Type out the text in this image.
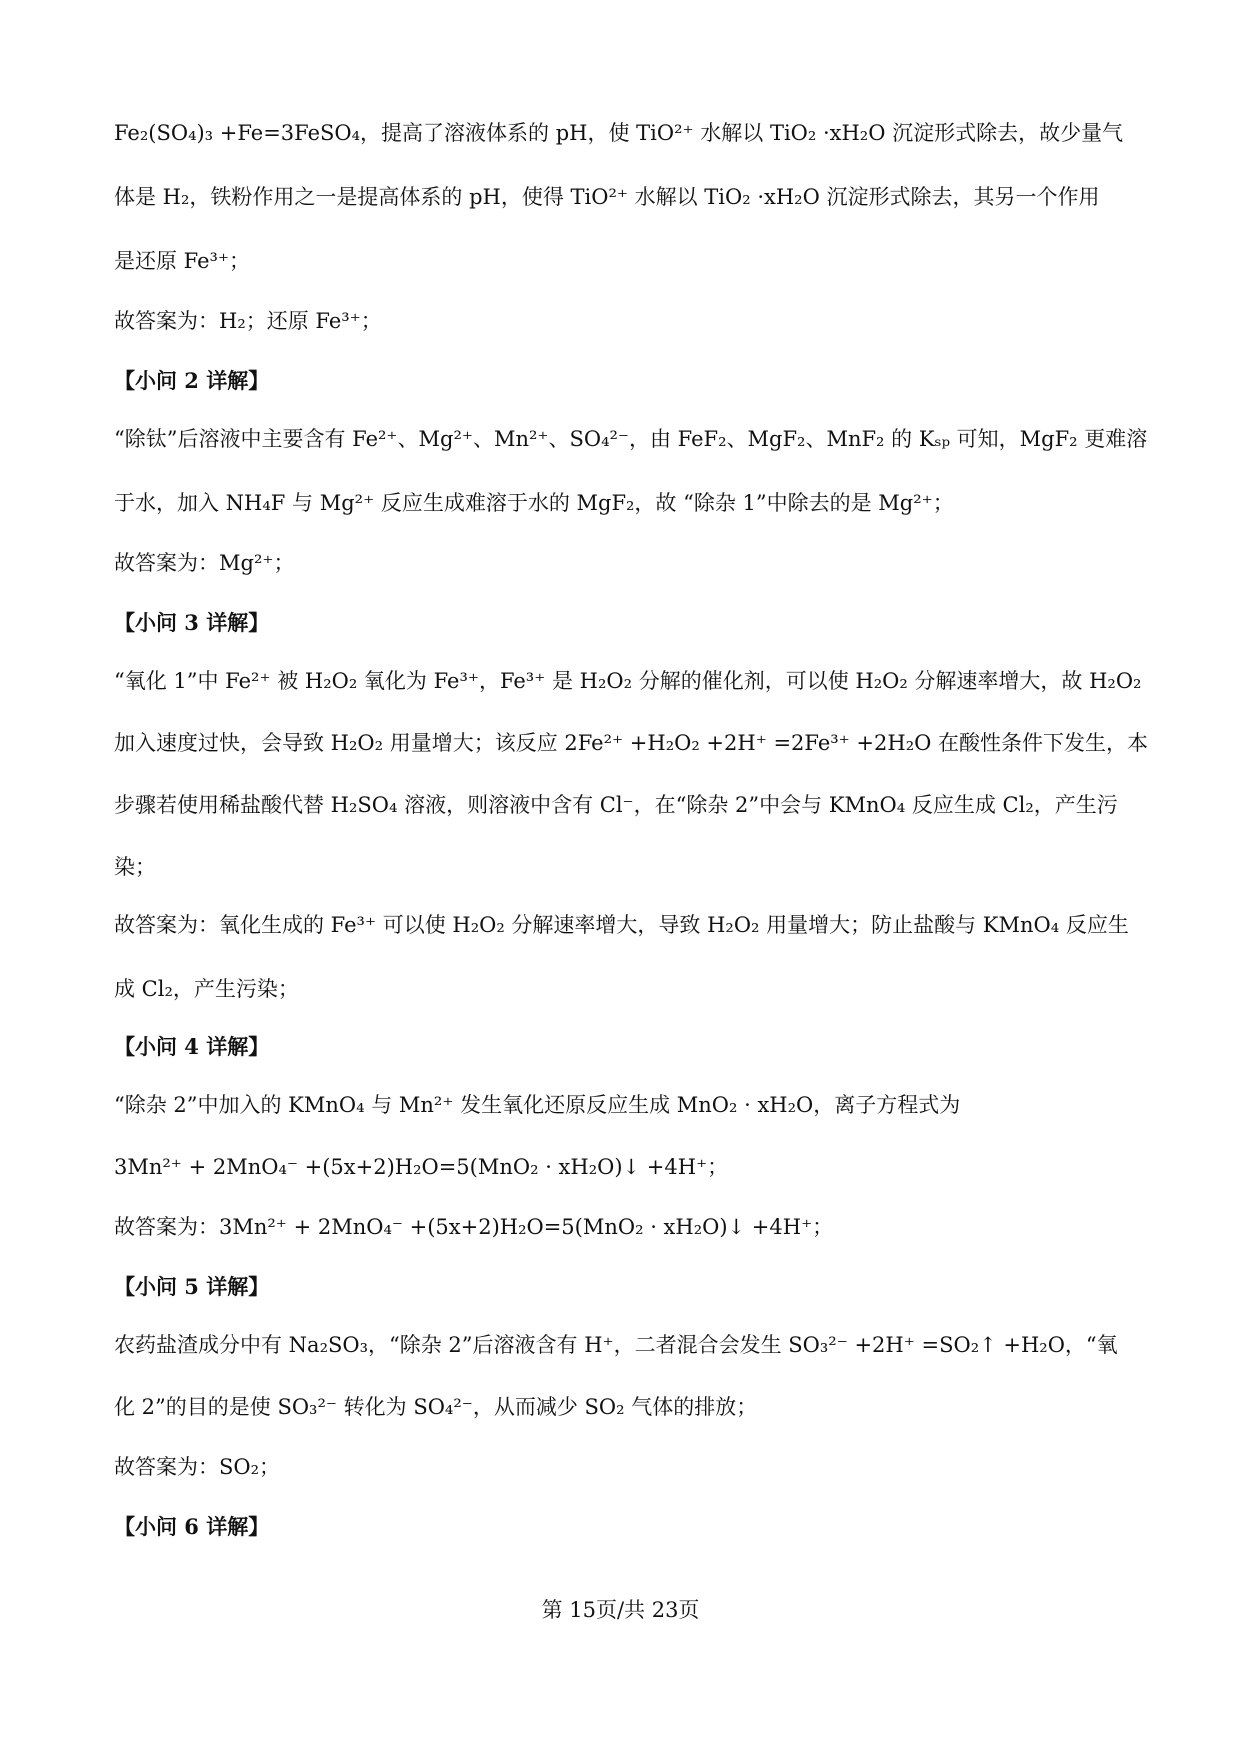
Fe₂(SO₄)₃ +Fe=3FeSO₄，提高了溶液体系的 pH，使 TiO²⁺ 水解以 TiO₂ ·xH₂O 沉淀形式除去，故少量气

体是 H₂，铁粉作用之一是提高体系的 pH，使得 TiO²⁺ 水解以 TiO₂ ·xH₂O 沉淀形式除去，其另一个作用

是还原 Fe³⁺；

故答案为：H₂；还原 Fe³⁺；

【小问 2 详解】

“除钛”后溶液中主要含有 Fe²⁺、Mg²⁺、Mn²⁺、SO₄²⁻，由 FeF₂、MgF₂、MnF₂ 的 Kₛₚ 可知，MgF₂ 更难溶

于水，加入 NH₄F 与 Mg²⁺ 反应生成难溶于水的 MgF₂，故 “除杂 1”中除去的是 Mg²⁺；

故答案为：Mg²⁺；

【小问 3 详解】

“氧化 1”中 Fe²⁺ 被 H₂O₂ 氧化为 Fe³⁺，Fe³⁺ 是 H₂O₂ 分解的催化剂，可以使 H₂O₂ 分解速率增大，故 H₂O₂

加入速度过快，会导致 H₂O₂ 用量增大；该反应 2Fe²⁺ +H₂O₂ +2H⁺ =2Fe³⁺ +2H₂O 在酸性条件下发生，本

步骤若使用稀盐酸代替 H₂SO₄ 溶液，则溶液中含有 Cl⁻，在“除杂 2”中会与 KMnO₄ 反应生成 Cl₂，产生污

染；

故答案为：氧化生成的 Fe³⁺ 可以使 H₂O₂ 分解速率增大，导致 H₂O₂ 用量增大；防止盐酸与 KMnO₄ 反应生

成 Cl₂，产生污染；

【小问 4 详解】

“除杂 2”中加入的 KMnO₄ 与 Mn²⁺ 发生氧化还原反应生成 MnO₂ · xH₂O，离子方程式为

3Mn²⁺ + 2MnO₄⁻ +(5x+2)H₂O=5(MnO₂ · xH₂O)↓ +4H⁺；

故答案为：3Mn²⁺ + 2MnO₄⁻ +(5x+2)H₂O=5(MnO₂ · xH₂O)↓ +4H⁺；

【小问 5 详解】

农药盐渣成分中有 Na₂SO₃，“除杂 2”后溶液含有 H⁺，二者混合会发生 SO₃²⁻ +2H⁺ =SO₂↑ +H₂O，“氧

化 2”的目的是使 SO₃²⁻ 转化为 SO₄²⁻，从而减少 SO₂ 气体的排放；

故答案为：SO₂；

【小问 6 详解】

第 15页/共 23页
